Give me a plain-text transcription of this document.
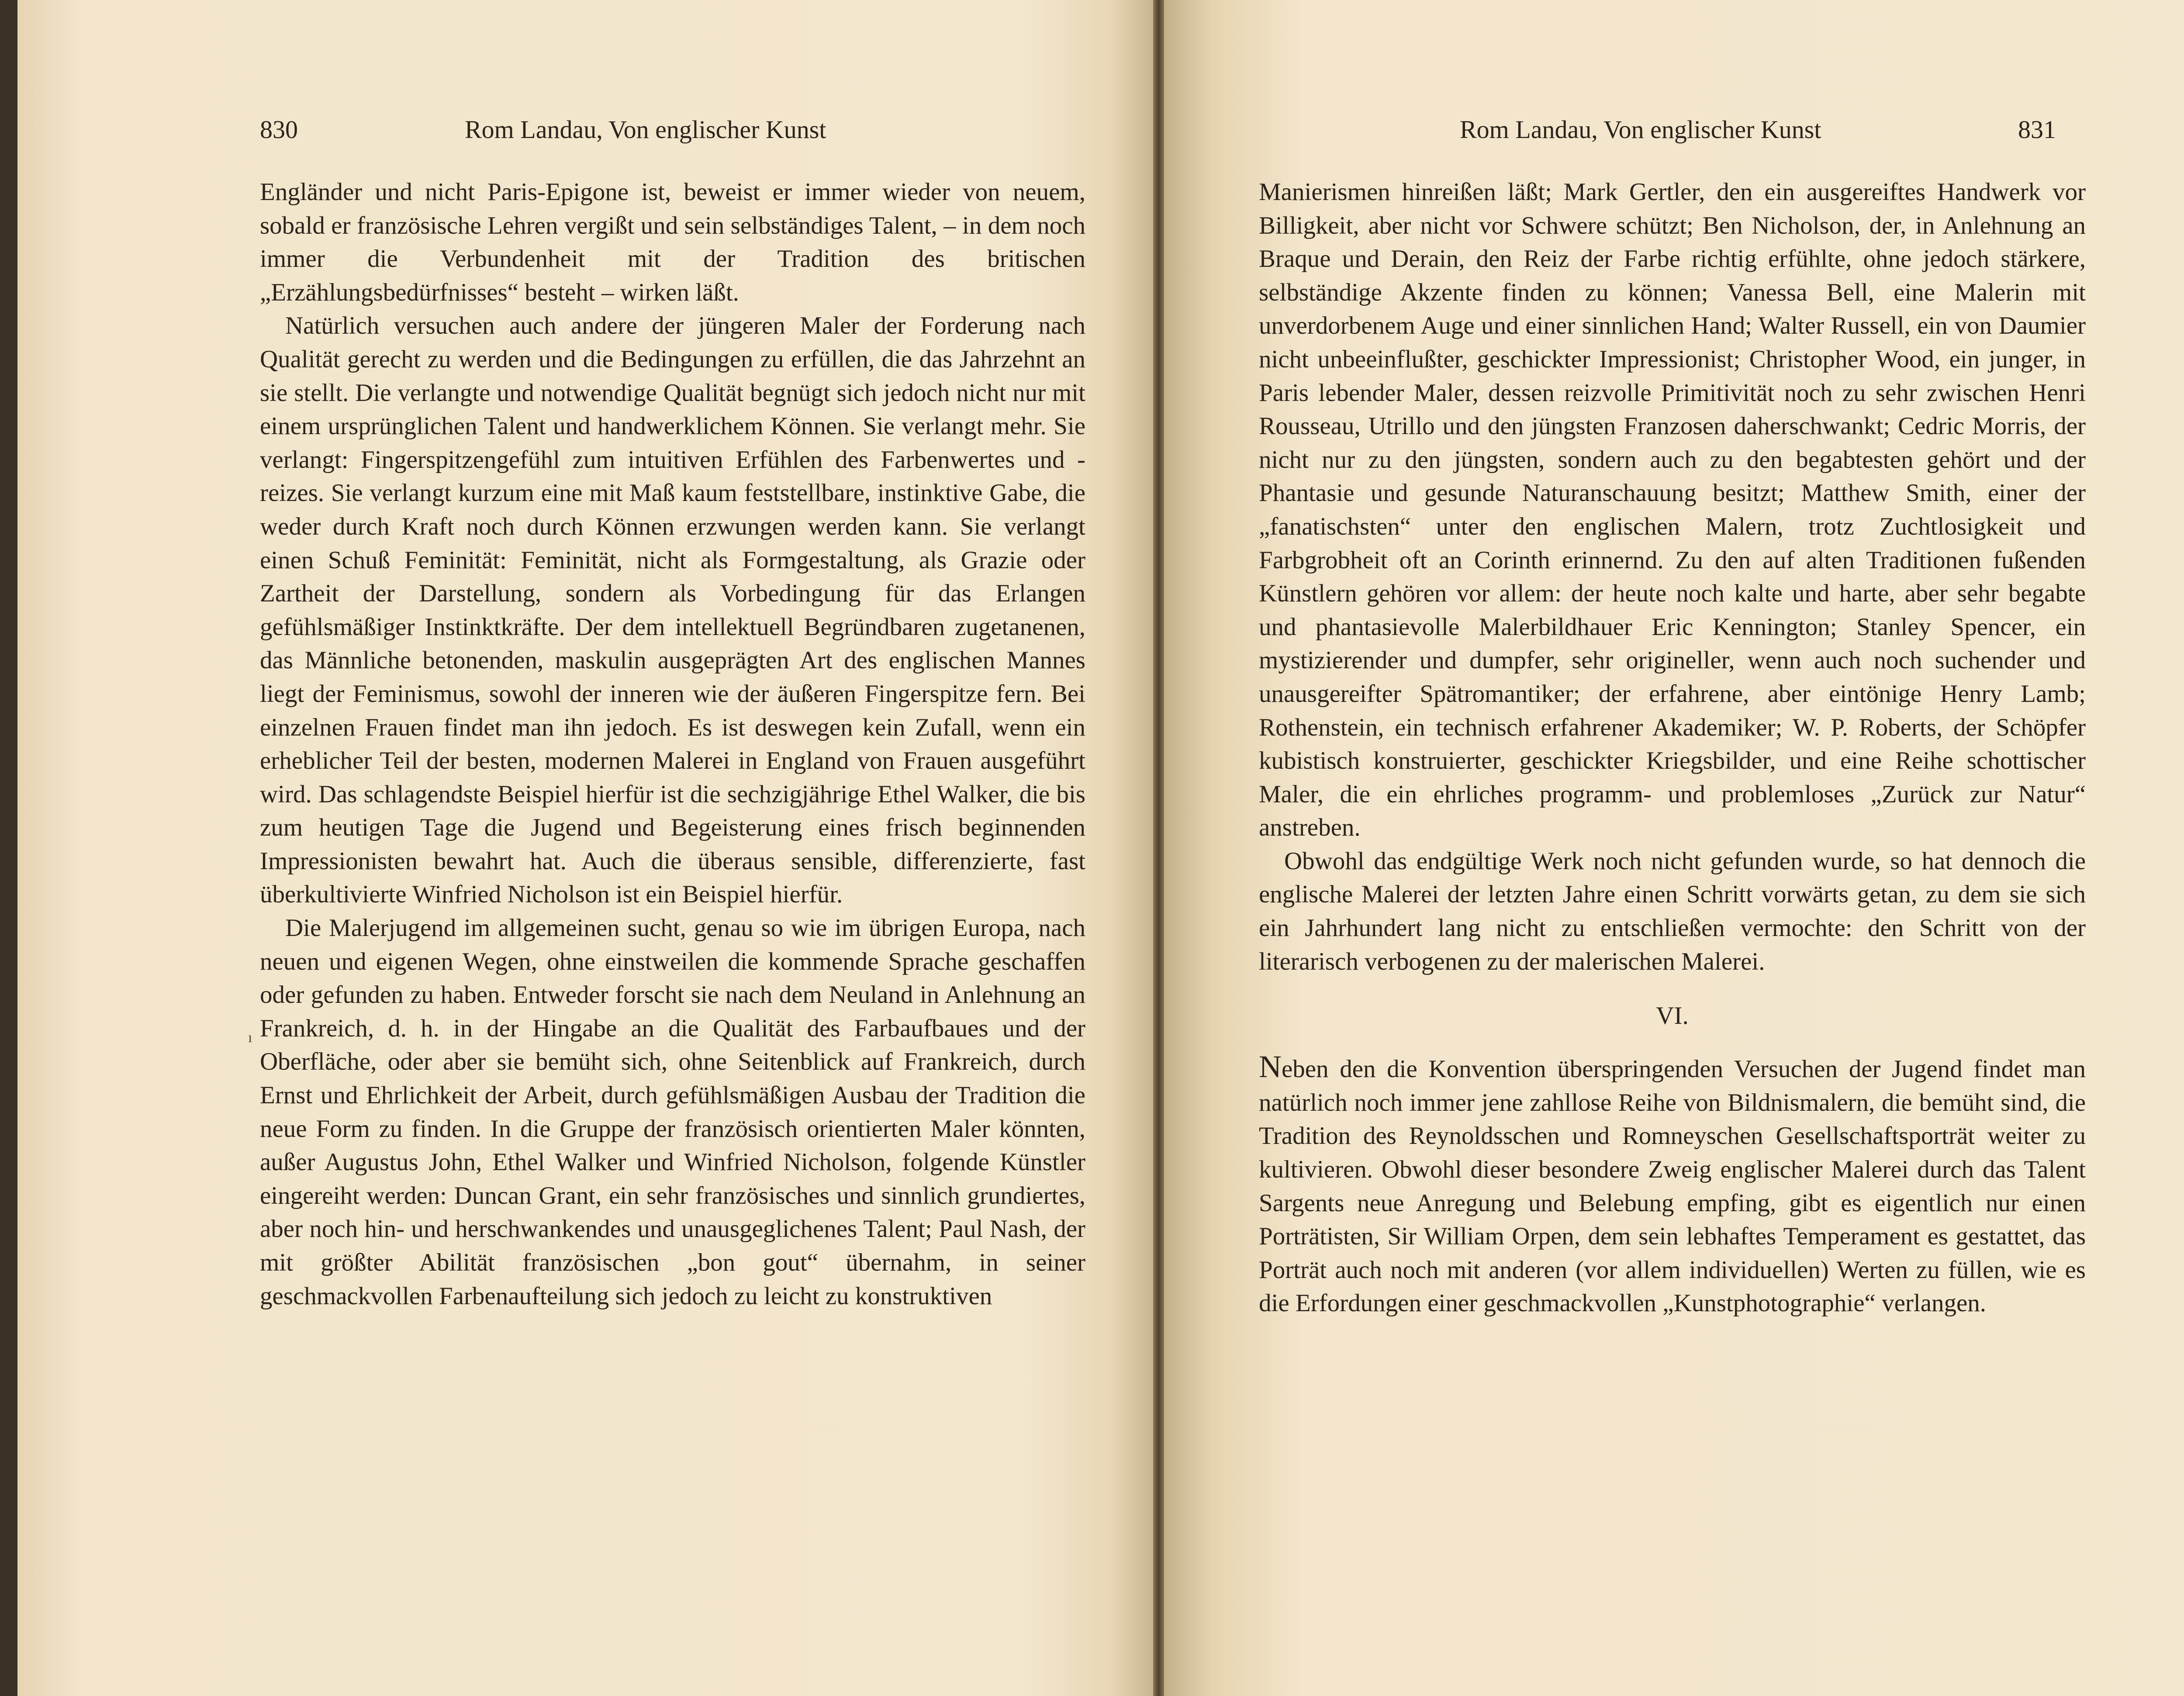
830	Rom Landau, Von englischer Kunst

Engländer und nicht Paris-Epigone ist, beweist er immer wieder von neuem, sobald er französische Lehren vergißt und sein selbständiges Talent, – in dem noch immer die Verbundenheit mit der Tradition des britischen „Erzählungsbedürfnisses“ besteht – wirken läßt.

Natürlich versuchen auch andere der jüngeren Maler der Forderung nach Qualität gerecht zu werden und die Bedingungen zu erfüllen, die das Jahrzehnt an sie stellt. Die verlangte und notwendige Qualität begnügt sich jedoch nicht nur mit einem ursprünglichen Talent und handwerklichem Können. Sie verlangt mehr. Sie verlangt: Fingerspitzengefühl zum intuitiven Erfühlen des Farbenwertes und -reizes. Sie verlangt kurzum eine mit Maß kaum feststellbare, instinktive Gabe, die weder durch Kraft noch durch Können erzwungen werden kann. Sie verlangt einen Schuß Feminität: Feminität, nicht als Formgestaltung, als Grazie oder Zartheit der Darstellung, sondern als Vorbedingung für das Erlangen gefühlsmäßiger Instinktkräfte. Der dem intellektuell Begründbaren zugetanenen, das Männliche betonenden, maskulin ausgeprägten Art des englischen Mannes liegt der Feminismus, sowohl der inneren wie der äußeren Fingerspitze fern. Bei einzelnen Frauen findet man ihn jedoch. Es ist deswegen kein Zufall, wenn ein erheblicher Teil der besten, modernen Malerei in England von Frauen ausgeführt wird. Das schlagendste Beispiel hierfür ist die sechzigjährige Ethel Walker, die bis zum heutigen Tage die Jugend und Begeisterung eines frisch beginnenden Impressionisten bewahrt hat. Auch die überaus sensible, differenzierte, fast überkultivierte Winfried Nicholson ist ein Beispiel hierfür.

Die Malerjugend im allgemeinen sucht, genau so wie im übrigen Europa, nach neuen und eigenen Wegen, ohne einstweilen die kommende Sprache geschaffen oder gefunden zu haben. Entweder forscht sie nach dem Neuland in Anlehnung an Frankreich, d. h. in der Hingabe an die Qualität des Farbaufbaues und der Oberfläche, oder aber sie bemüht sich, ohne Seitenblick auf Frankreich, durch Ernst und Ehrlichkeit der Arbeit, durch gefühlsmäßigen Ausbau der Tradition die neue Form zu finden. In die Gruppe der französisch orientierten Maler könnten, außer Augustus John, Ethel Walker und Winfried Nicholson, folgende Künstler eingereiht werden: Duncan Grant, ein sehr französisches und sinnlich grundiertes, aber noch hin- und herschwankendes und unausgeglichenes Talent; Paul Nash, der mit größter Abilität französischen „bon gout“ übernahm, in seiner geschmackvollen Farbenaufteilung sich jedoch zu leicht zu konstruktiven

ı
Rom Landau, Von englischer Kunst	831

Manierismen hinreißen läßt; Mark Gertler, den ein ausgereiftes Handwerk vor Billigkeit, aber nicht vor Schwere schützt; Ben Nicholson, der, in Anlehnung an Braque und Derain, den Reiz der Farbe richtig erfühlte, ohne jedoch stärkere, selbständige Akzente finden zu können; Vanessa Bell, eine Malerin mit unverdorbenem Auge und einer sinnlichen Hand; Walter Russell, ein von Daumier nicht unbeeinflußter, geschickter Impressionist; Christopher Wood, ein junger, in Paris lebender Maler, dessen reizvolle Primitivität noch zu sehr zwischen Henri Rousseau, Utrillo und den jüngsten Franzosen daherschwankt; Cedric Morris, der nicht nur zu den jüngsten, sondern auch zu den begabtesten gehört und der Phantasie und gesunde Naturanschauung besitzt; Matthew Smith, einer der „fanatischsten“ unter den englischen Malern, trotz Zuchtlosigkeit und Farbgrobheit oft an Corinth erinnernd. Zu den auf alten Traditionen fußenden Künstlern gehören vor allem: der heute noch kalte und harte, aber sehr begabte und phantasievolle Malerbildhauer Eric Kennington; Stanley Spencer, ein mystizierender und dumpfer, sehr origineller, wenn auch noch suchender und unausgereifter Spätromantiker; der erfahrene, aber eintönige Henry Lamb; Rothenstein, ein technisch erfahrener Akademiker; W. P. Roberts, der Schöpfer kubistisch konstruierter, geschickter Kriegsbilder, und eine Reihe schottischer Maler, die ein ehrliches programm- und problemloses „Zurück zur Natur“ anstreben.

Obwohl das endgültige Werk noch nicht gefunden wurde, so hat dennoch die englische Malerei der letzten Jahre einen Schritt vorwärts getan, zu dem sie sich ein Jahrhundert lang nicht zu entschließen vermochte: den Schritt von der literarisch verbogenen zu der malerischen Malerei.

VI.

Neben den die Konvention überspringenden Versuchen der Jugend findet man natürlich noch immer jene zahllose Reihe von Bildnismalern, die bemüht sind, die Tradition des Reynoldsschen und Romneyschen Gesellschaftsporträt weiter zu kultivieren. Obwohl dieser besondere Zweig englischer Malerei durch das Talent Sargents neue Anregung und Belebung empfing, gibt es eigentlich nur einen Porträtisten, Sir William Orpen, dem sein lebhaftes Temperament es gestattet, das Porträt auch noch mit anderen (vor allem individuellen) Werten zu füllen, wie es die Erfordungen einer geschmackvollen „Kunstphotographie“ verlangen.
